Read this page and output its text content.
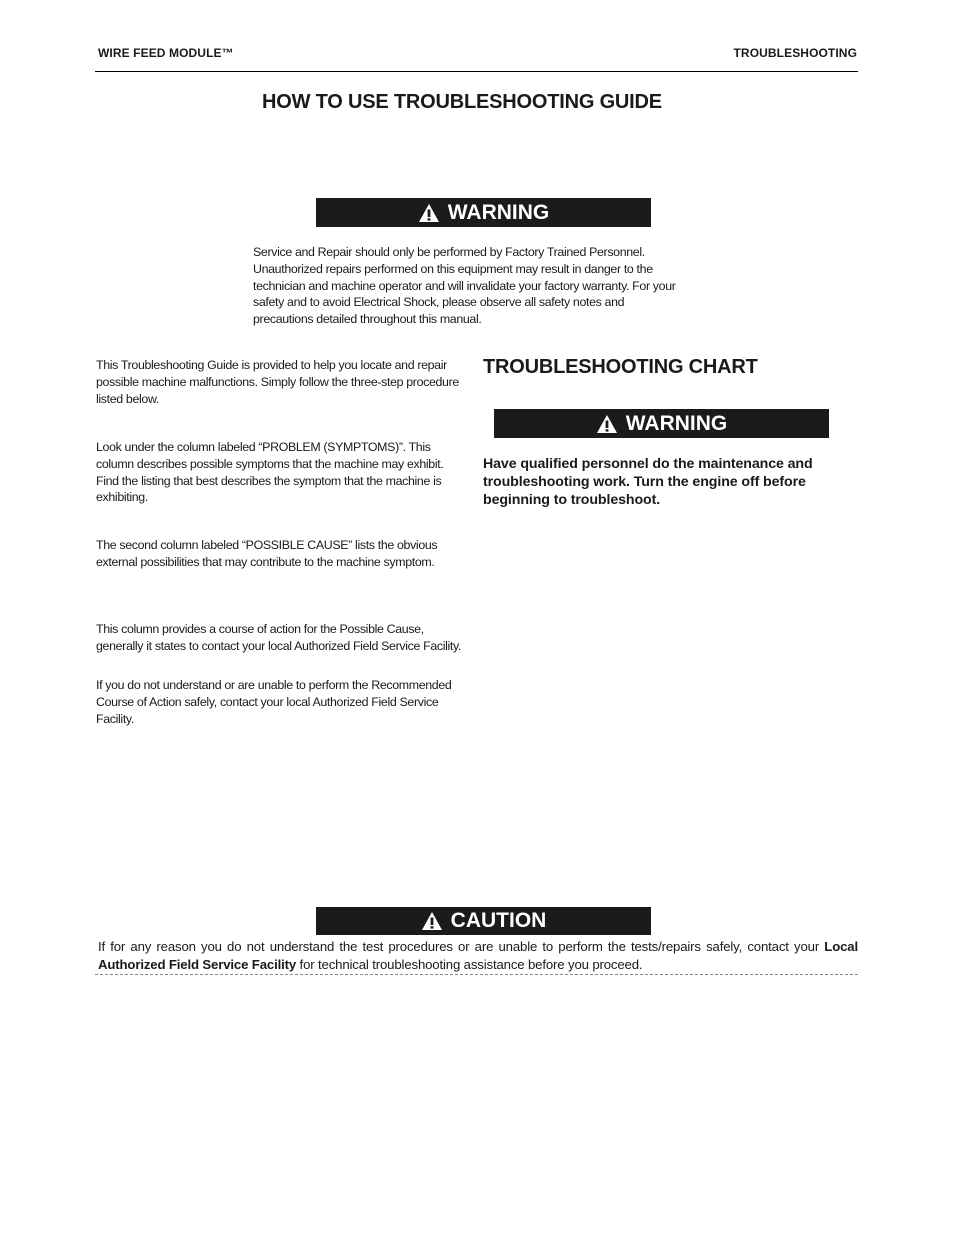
WIRE FEED MODULE™	TROUBLESHOOTING
HOW TO USE TROUBLESHOOTING GUIDE
WARNING
Service and Repair should only be performed by Factory Trained Personnel. Unauthorized repairs performed on this equipment may result in danger to the technician and machine operator and will invalidate your factory warranty. For your safety and to avoid Electrical Shock, please observe all safety notes and precautions detailed throughout this manual.
This Troubleshooting Guide is provided to help you locate and repair possible machine malfunctions. Simply follow the three-step procedure listed below.
Look under the column labeled “PROBLEM (SYMPTOMS)”. This column describes possible symptoms that the machine may exhibit. Find the listing that best describes the symptom that the machine is exhibiting.
The second column labeled “POSSIBLE CAUSE” lists the obvious external possibilities that may contribute to the machine symptom.
This column provides a course of action for the Possible Cause, generally it states to contact your local Authorized Field Service Facility.
If you do not understand or are unable to perform the Recommended Course of Action safely, contact your local Authorized Field Service Facility.
TROUBLESHOOTING CHART
WARNING
Have qualified personnel do the maintenance and troubleshooting work. Turn the engine off before beginning to troubleshoot.
CAUTION
If for any reason you do not understand the test procedures or are unable to perform the tests/repairs safely, contact your Local Authorized Field Service Facility for technical troubleshooting assistance before you proceed.
